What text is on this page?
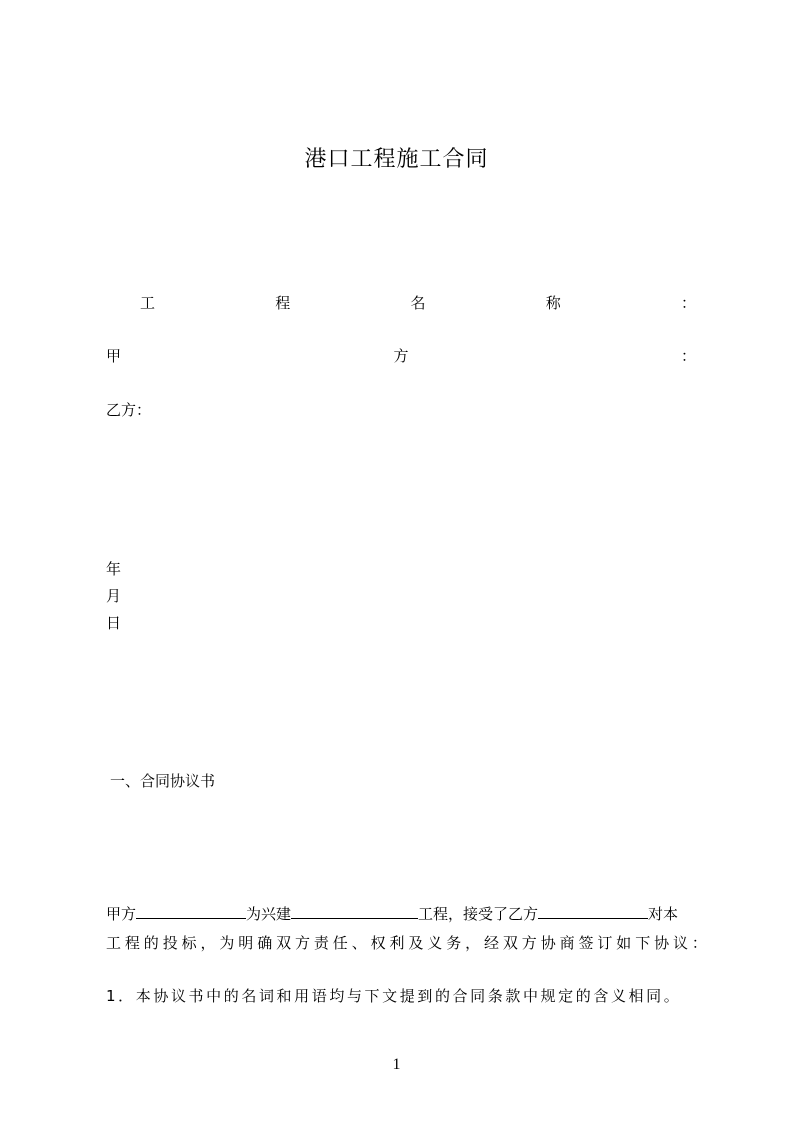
港口工程施工合同
工	程	名	称	：
甲	方	：
乙方：
年
月
日
一、合同协议书
甲方	为兴建	工程，接受了乙方	对本
工程的投标，为明确双方责任、权利及义务，经双方协商签订如下协议：
1．本协议书中的名词和用语均与下文提到的合同条款中规定的含义相同。
1
